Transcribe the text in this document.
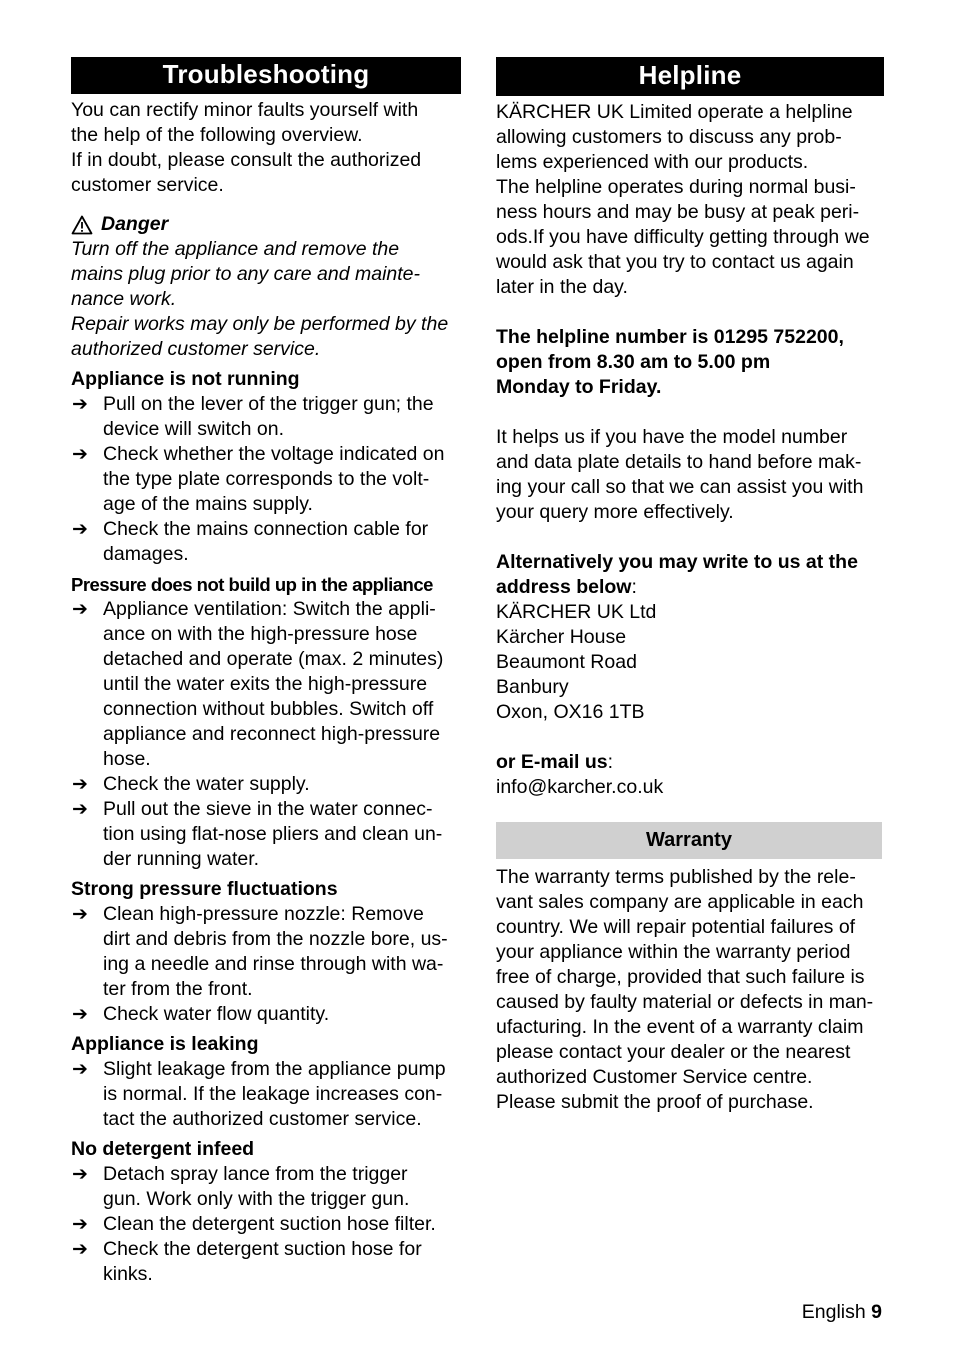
Troubleshooting

You can rectify minor faults yourself with

the help of the following overview.

If in doubt, please consult the authorized

customer service.

Danger

Turn off the appliance and remove the

mains plug prior to any care and mainte-

nance work.

Repair works may only be performed by the

authorized customer service.

Appliance is not running
➔ Pull on the lever of the trigger gun; the

device will switch on.

➔ Check whether the voltage indicated on

the type plate corresponds to the volt-

age of the mains supply.

➔ Check the mains connection cable for

damages.

Pressure does not build up in the appliance
➔ Appliance ventilation: Switch the appli-

ance on with the high-pressure hose

detached and operate (max. 2 minutes)

until the water exits the high-pressure

connection without bubbles. Switch off

appliance and reconnect high-pressure

hose.

➔ Check the water supply.

➔ Pull out the sieve in the water connec-

tion using flat-nose pliers and clean un-

der running water.

Strong pressure fluctuations
➔ Clean high-pressure nozzle: Remove

dirt and debris from the nozzle bore, us-

ing a needle and rinse through with wa-

ter from the front.

➔ Check water flow quantity.

Appliance is leaking
➔ Slight leakage from the appliance pump

is normal. If the leakage increases con-

tact the authorized customer service.

No detergent infeed
➔ Detach spray lance from the trigger

gun. Work only with the trigger gun.

➔ Clean the detergent suction hose filter.

➔ Check the detergent suction hose for

kinks.

Helpline

KÄRCHER UK Limited operate a helpline

allowing customers to discuss any prob-

lems experienced with our products.

The helpline operates during normal busi-

ness hours and may be busy at peak peri-

ods.If you have difficulty getting through we

would ask that you try to contact us again

later in the day.

The helpline number is 01295 752200,

open from 8.30 am to 5.00 pm

Monday to Friday.

It helps us if you have the model number

and data plate details to hand before mak-

ing your call so that we can assist you with

your query more effectively.

Alternatively you may write to us at the

address below:

KÄRCHER UK Ltd

Kärcher House

Beaumont Road

Banbury

Oxon, OX16 1TB

or E-mail us:

info@karcher.co.uk

Warranty

The warranty terms published by the rele-

vant sales company are applicable in each

country. We will repair potential failures of

your appliance within the warranty period

free of charge, provided that such failure is

caused by faulty material or defects in man-

ufacturing. In the event of a warranty claim

please contact your dealer or the nearest

authorized Customer Service centre.

Please submit the proof of purchase.

English 9
